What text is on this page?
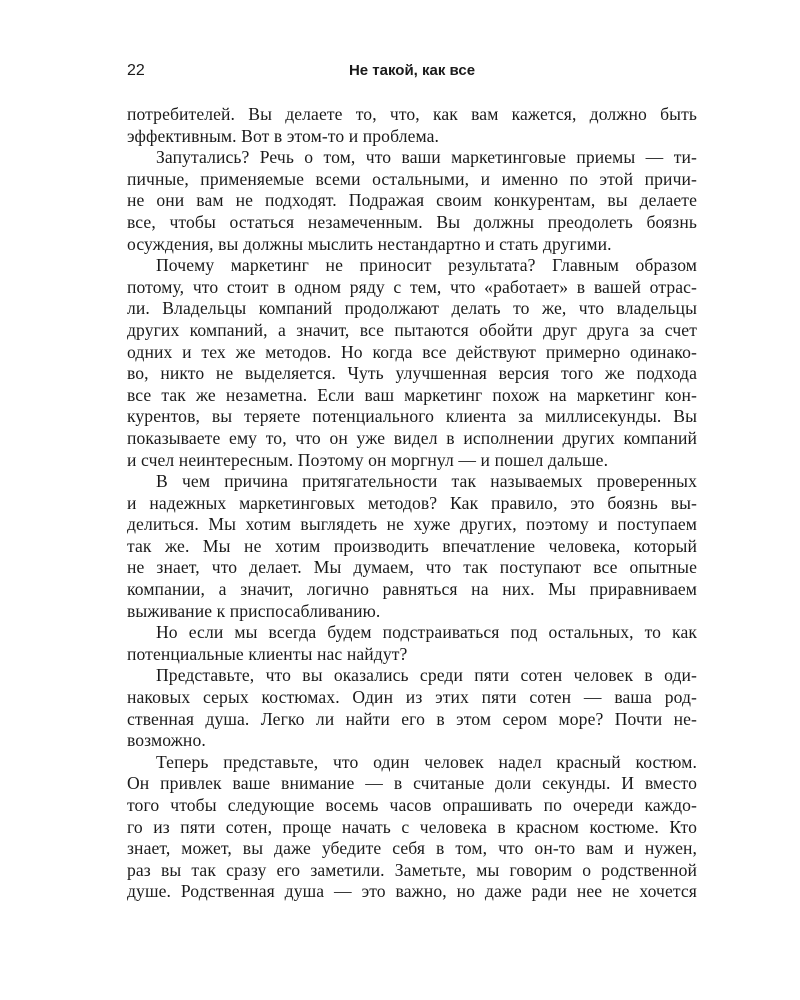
22	Не такой, как все
потребителей. Вы делаете то, что, как вам кажется, должно быть
эффективным. Вот в этом-то и проблема.
Запутались? Речь о том, что ваши маркетинговые приемы — ти-
пичные, применяемые всеми остальными, и именно по этой причи-
не они вам не подходят. Подражая своим конкурентам, вы делаете
все, чтобы остаться незамеченным. Вы должны преодолеть боязнь
осуждения, вы должны мыслить нестандартно и стать другими.
Почему маркетинг не приносит результата? Главным образом
потому, что стоит в одном ряду с тем, что «работает» в вашей отрас-
ли. Владельцы компаний продолжают делать то же, что владельцы
других компаний, а значит, все пытаются обойти друг друга за счет
одних и тех же методов. Но когда все действуют примерно одинако-
во, никто не выделяется. Чуть улучшенная версия того же подхода
все так же незаметна. Если ваш маркетинг похож на маркетинг кон-
курентов, вы теряете потенциального клиента за миллисекунды. Вы
показываете ему то, что он уже видел в исполнении других компаний
и счел неинтересным. Поэтому он моргнул — и пошел дальше.
В чем причина притягательности так называемых проверенных
и надежных маркетинговых методов? Как правило, это боязнь вы-
делиться. Мы хотим выглядеть не хуже других, поэтому и поступаем
так же. Мы не хотим производить впечатление человека, который
не знает, что делает. Мы думаем, что так поступают все опытные
компании, а значит, логично равняться на них. Мы приравниваем
выживание к приспосабливанию.
Но если мы всегда будем подстраиваться под остальных, то как
потенциальные клиенты нас найдут?
Представьте, что вы оказались среди пяти сотен человек в оди-
наковых серых костюмах. Один из этих пяти сотен — ваша род-
ственная душа. Легко ли найти его в этом сером море? Почти не-
возможно.
Теперь представьте, что один человек надел красный костюм.
Он привлек ваше внимание — в считаные доли секунды. И вместо
того чтобы следующие восемь часов опрашивать по очереди каждо-
го из пяти сотен, проще начать с человека в красном костюме. Кто
знает, может, вы даже убедите себя в том, что он-то вам и нужен,
раз вы так сразу его заметили. Заметьте, мы говорим о родственной
душе. Родственная душа — это важно, но даже ради нее не хочется
